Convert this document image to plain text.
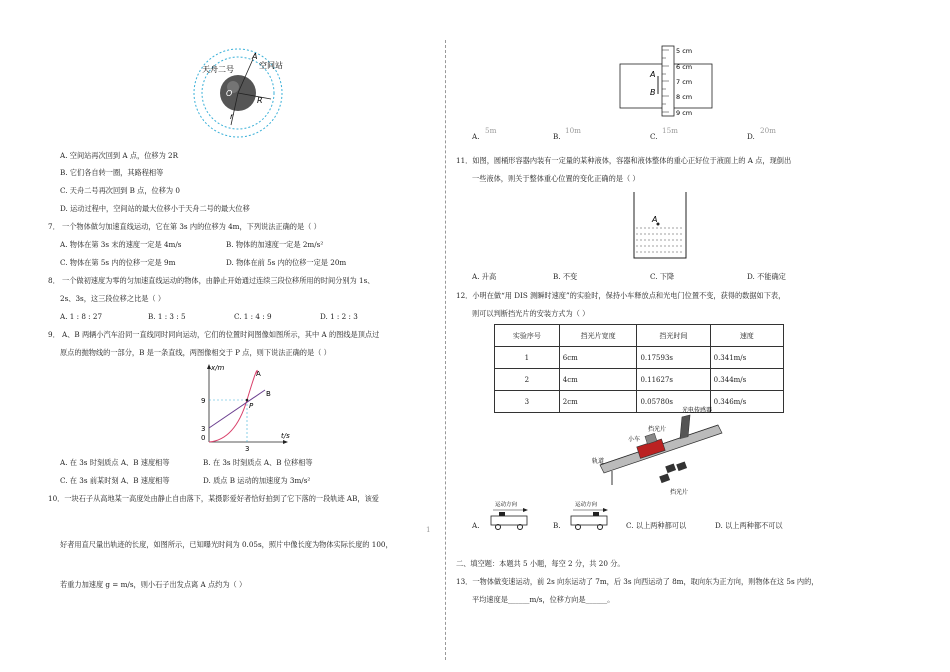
A
空间站
天舟二号
O
R
r
A. 空间站再次回到 A 点，位移为 2R
B. 它们各自转一圈，其路程相等
C. 天舟二号再次回到 B 点，位移为 0
D. 运动过程中，空间站的最大位移小于天舟二号的最大位移
7． 一个物体做匀加速直线运动，它在第 3s 内的位移为 4m，下列说法正确的是（ ）
A. 物体在第 3s 末的速度一定是 4m/s	B. 物体的加速度一定是 2m/s²
C. 物体在第 5s 内的位移一定是 9m	D. 物体在前 5s 内的位移一定是 20m
8． 一个做初速度为零的匀加速直线运动的物体，由静止开始通过连续三段位移所用的时间分别为 1s、
2s、3s，这三段位移之比是（ ）
A. 1 : 8 : 27	B. 1 : 3 : 5	C. 1 : 4 : 9	D. 1 : 2 : 3
9． A、B 两辆小汽车沿同一直线同时同向运动，它们的位置时间图像如图所示，其中 A 的图线是顶点过
原点的抛物线的一部分，B 是一条直线，两图像相交于 P 点，则下说法正确的是（ ）
x/m
t/s
9
3
0
3
P
A
B
A. 在 3s 时刻质点 A、B 速度相等	B. 在 3s 时刻质点 A、B 位移相等
C. 在 3s 前某时刻 A、B 速度相等	D. 质点 B 运动的加速度为 3m/s²
10．一块石子从高地某一高度处由静止自由落下，某摄影爱好者恰好拍到了它下落的一段轨迹 AB，该爱
1
好者用直尺量出轨迹的长度，如图所示，已知曝光时间为 0.05s，照片中像长度为物体实际长度的 100，
若重力加速度 g = m/s，则小石子出发点离 A 点约为（ ）
5 cm
6 cm
7 cm
8 cm
9 cm
A
B
A.
5m
B.
10m
C.
15m
D.
20m
11．如图，圆桶形容器内装有一定量的某种液体，容器和液体整体的重心正好位于液面上的 A 点，现倒出
一些液体，则关于整体重心位置的变化正确的是（ ）
A
A. 升高	B. 不变	C. 下降	D. 不能确定
12．小明在做“用 DIS 测瞬时速度”的实验时，保持小车释放点和光电门位置不变，获得的数据如下表，
则可以判断挡光片的安装方式为（ ）
实验序号	挡光片宽度	挡光时间	速度
1	6cm	0.17593s	0.341m/s
2	4cm	0.11627s	0.344m/s
3	2cm	0.05780s	0.346m/s
光电传感器
挡光片
小车
轨道
挡光片
A.
运动方向
B.
运动方向
C. 以上两种都可以	D. 以上两种都不可以
二、填空题：本题共 5 小题，每空 2 分，共 20 分。
13．一物体做变速运动，前 2s 向东运动了 7m，后 3s 向西运动了 8m，取向东为正方向，则物体在这 5s 内的，
平均速度是______m/s，位移方向是______。
